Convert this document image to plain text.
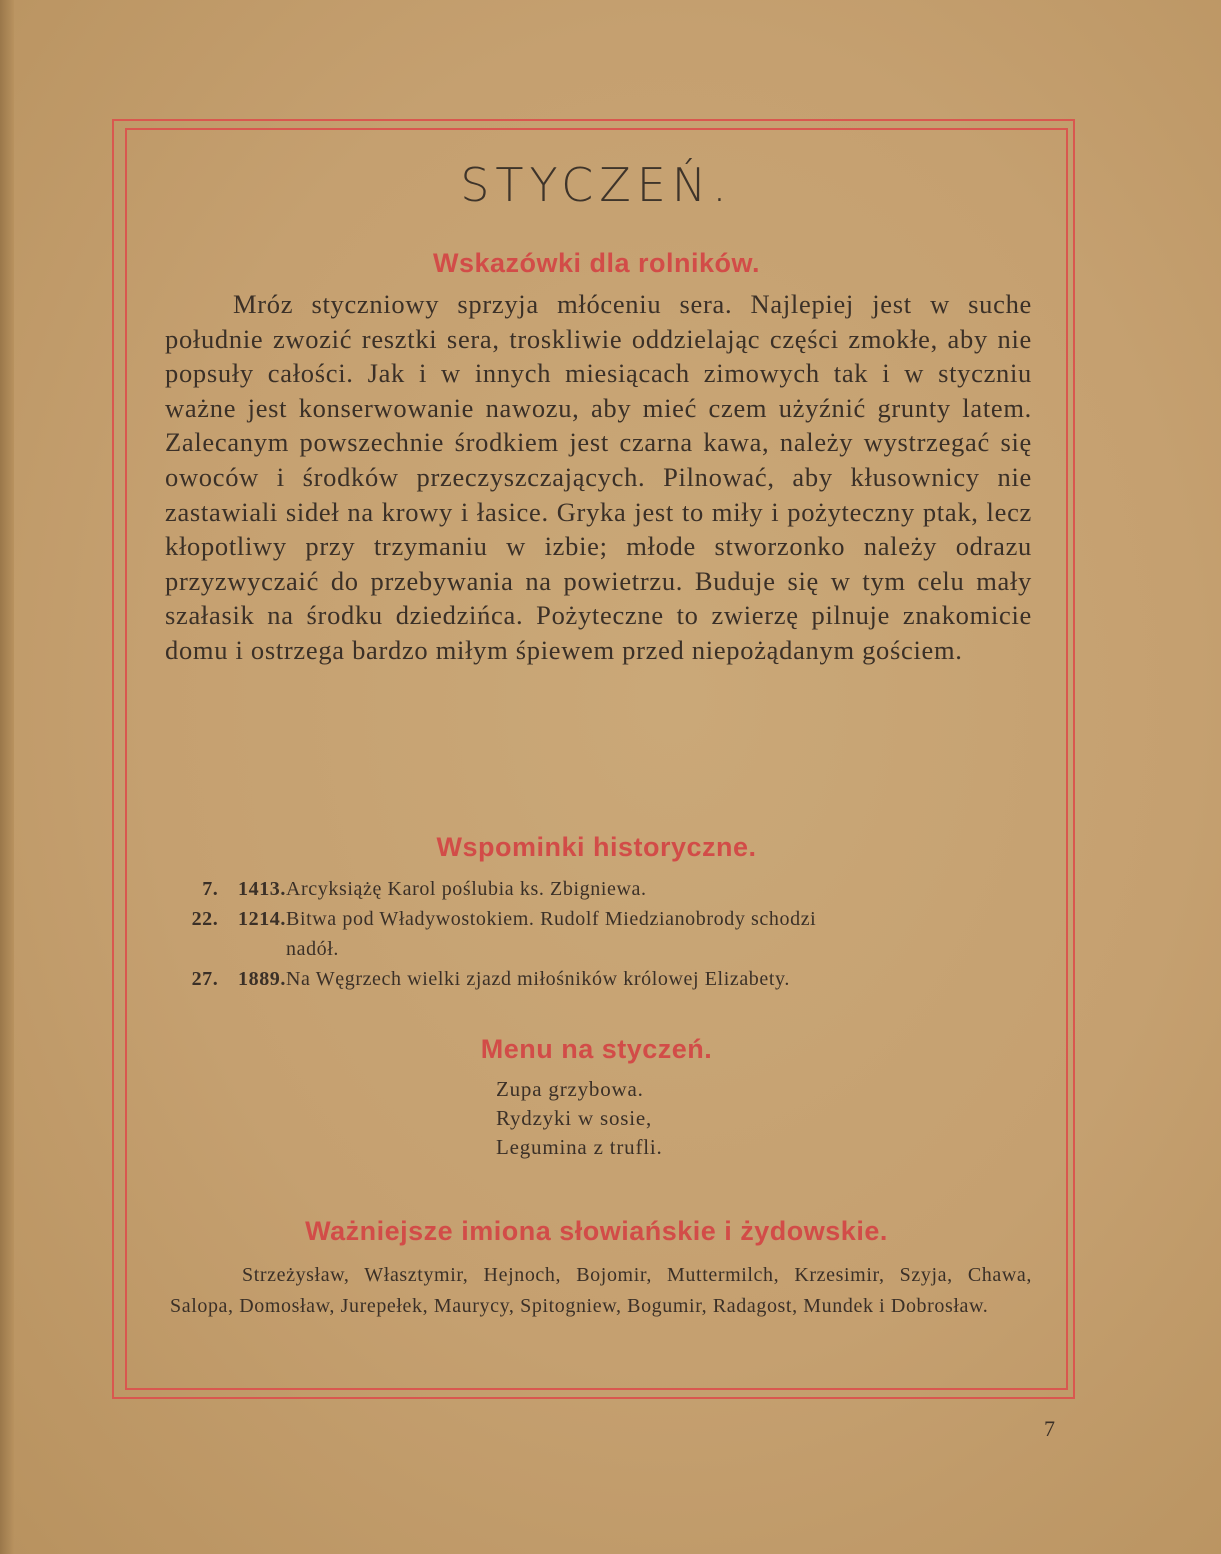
STYCZEŃ.
Wskazówki dla rolników.

Mróz styczniowy sprzyja młóceniu sera. Najlepiej jest w suche południe zwozić resztki sera, troskliwie oddzielając części zmokłe, aby nie popsuły całości. Jak i w innych miesiącach zimowych tak i w styczniu ważne jest konserwowanie nawozu, aby mieć czem użyźnić grunty latem. Zalecanym powszechnie środkiem jest czarna kawa, należy wystrzegać się owoców i środków przeczyszczających. Pilnować, aby kłusownicy nie zastawiali sideł na krowy i łasice. Gryka jest to miły i pożyteczny ptak, lecz kłopotliwy przy trzymaniu w izbie; młode stworzonko należy odrazu przyzwyczaić do przebywania na powietrzu. Buduje się w tym celu mały szałasik na środku dziedzińca. Pożyteczne to zwierzę pilnuje znakomicie domu i ostrzega bardzo miłym śpiewem przed niepożądanym gościem.

Wspominki historyczne.
7. 1413. Arcyksiążę Karol poślubia ks. Zbigniewa.
22. 1214. Bitwa pod Władywostokiem. Rudolf Miedzianobrody schodzi
nadół.
27. 1889. Na Węgrzech wielki zjazd miłośników królowej Elizabety.
Menu na styczeń.
Zupa grzybowa.
Rydzyki w sosie,
Legumina z trufli.
Ważniejsze imiona słowiańskie i żydowskie.

Strzeżysław, Własztymir, Hejnoch, Bojomir, Muttermilch, Krzesimir, Szyja, Chawa, Salopa, Domosław, Jurepełek, Maurycy, Spitogniew, Bogumir, Radagost, Mundek i Dobrosław.

7
